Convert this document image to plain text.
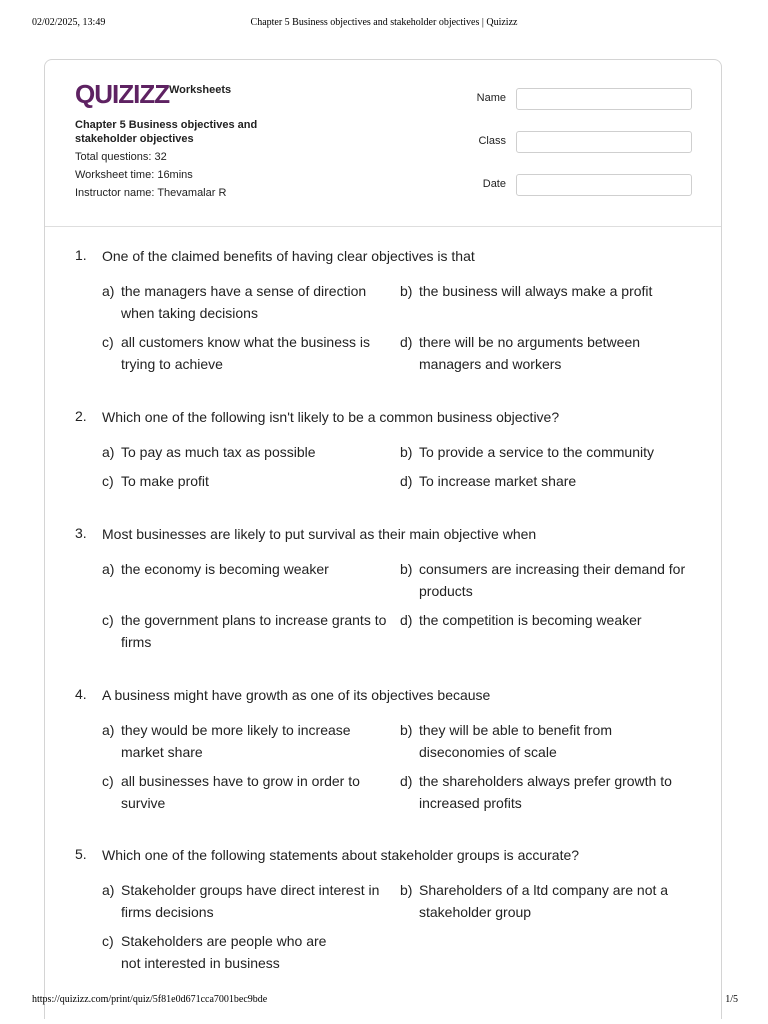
02/02/2025, 13:49	Chapter 5 Business objectives and stakeholder objectives | Quizizz
QUIZIZZ Worksheets
Chapter 5 Business objectives and stakeholder objectives
Total questions: 32
Worksheet time: 16mins
Instructor name: Thevamalar R
Name
Class
Date
1. One of the claimed benefits of having clear objectives is that
a) the managers have a sense of direction when taking decisions
b) the business will always make a profit
c) all customers know what the business is trying to achieve
d) there will be no arguments between managers and workers
2. Which one of the following isn't likely to be a common business objective?
a) To pay as much tax as possible	b) To provide a service to the community
c) To make profit	d) To increase market share
3. Most businesses are likely to put survival as their main objective when
a) the economy is becoming weaker	b) consumers are increasing their demand for products
c) the government plans to increase grants to firms
d) the competition is becoming weaker
4. A business might have growth as one of its objectives because
a) they would be more likely to increase market share
b) they will be able to benefit from diseconomies of scale
c) all businesses have to grow in order to survive
d) the shareholders always prefer growth to increased profits
5. Which one of the following statements about stakeholder groups is accurate?
a) Stakeholder groups have direct interest in firms decisions
b) Shareholders of a ltd company are not a stakeholder group
c) Stakeholders are people who are not interested in business
https://quizizz.com/print/quiz/5f81e0d671cca7001bec9bde	1/5
